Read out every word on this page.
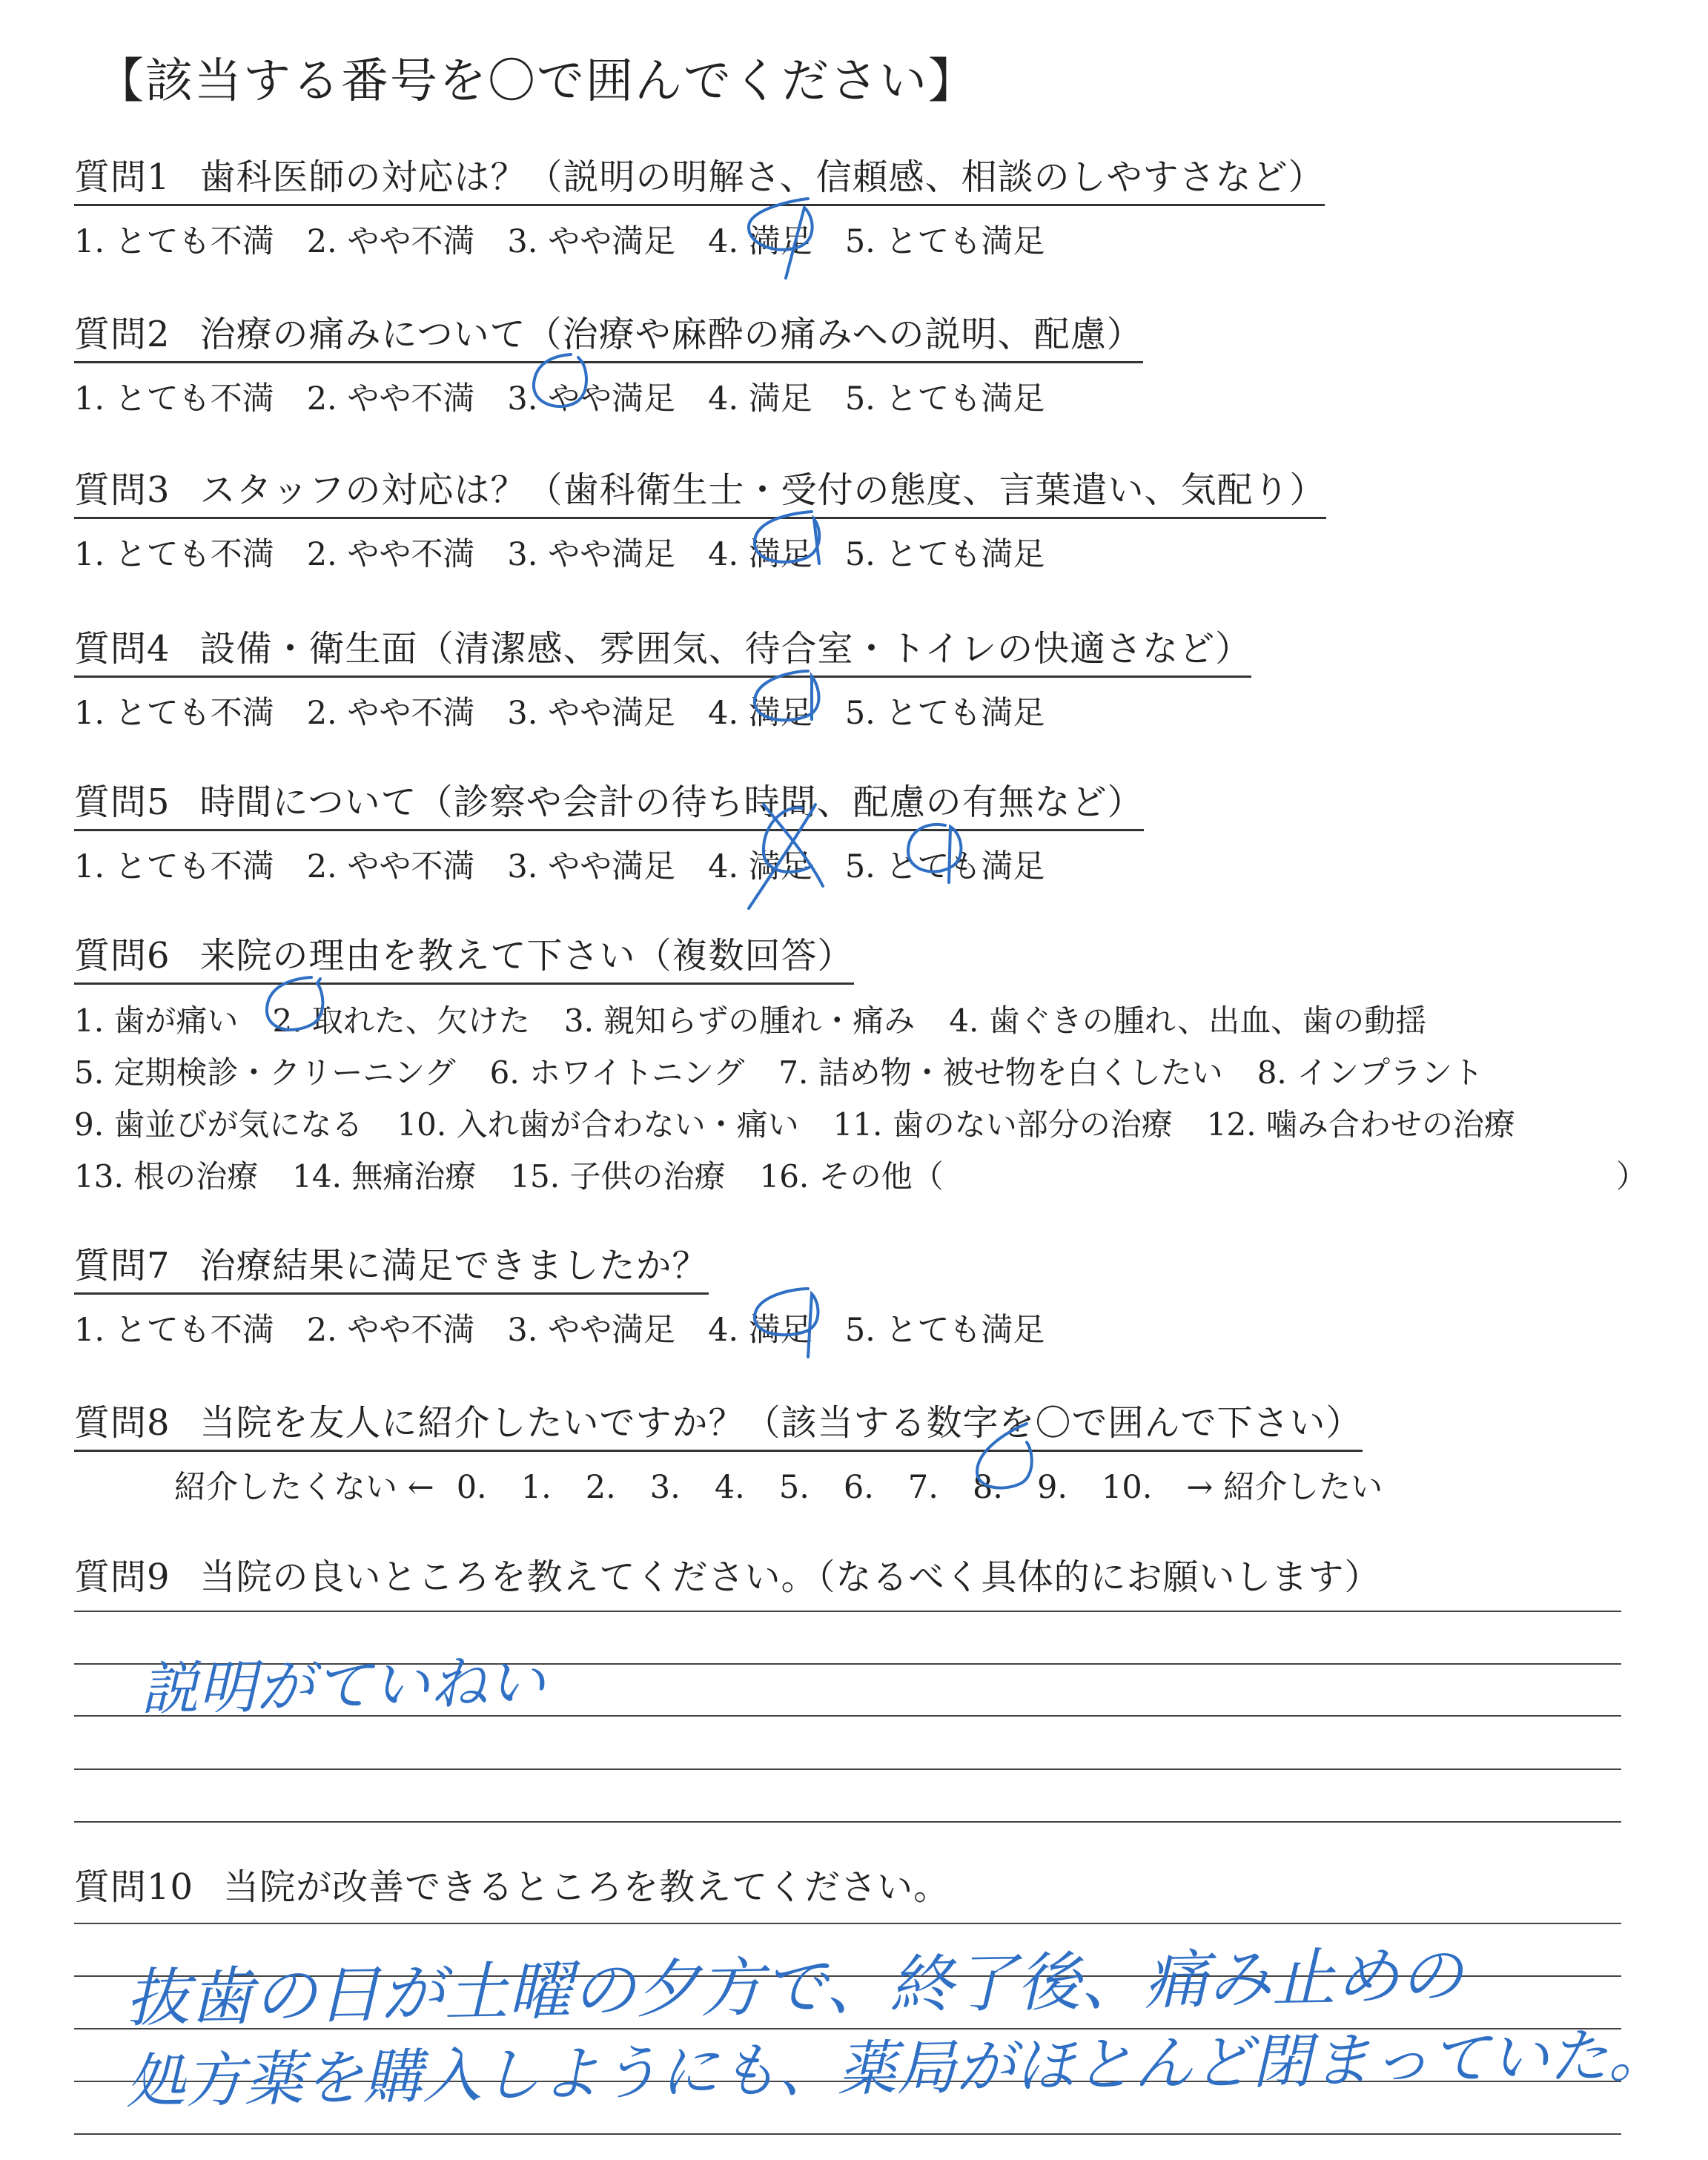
【該当する番号を〇で囲んでください】
質問1 歯科医師の対応は？（説明の明解さ、信頼感、相談のしやすさなど）
1. とても不満 2. やや不満 3. やや満足 4. 満足 5. とても満足
質問2 治療の痛みについて（治療や麻酔の痛みへの説明、配慮）
1. とても不満 2. やや不満 3. やや満足 4. 満足 5. とても満足
質問3 スタッフの対応は？（歯科衛生士・受付の態度、言葉遣い、気配り）
1. とても不満 2. やや不満 3. やや満足 4. 満足 5. とても満足
質問4 設備・衛生面（清潔感、雰囲気、待合室・トイレの快適さなど）
1. とても不満 2. やや不満 3. やや満足 4. 満足 5. とても満足
質問5 時間について（診察や会計の待ち時間、配慮の有無など）
1. とても不満 2. やや不満 3. やや満足 4. 満足 5. とても満足
質問6 来院の理由を教えて下さい（複数回答）
1. 歯が痛い 2. 取れた、欠けた 3. 親知らずの腫れ・痛み 4. 歯ぐきの腫れ、出血、歯の動揺
5. 定期検診・クリーニング 6. ホワイトニング 7. 詰め物・被せ物を白くしたい 8. インプラント
9. 歯並びが気になる 10. 入れ歯が合わない・痛い 11. 歯のない部分の治療 12. 噛み合わせの治療
13. 根の治療 14. 無痛治療 15. 子供の治療 16. その他（	）
質問7 治療結果に満足できましたか？
1. とても不満 2. やや不満 3. やや満足 4. 満足 5. とても満足
質問8 当院を友人に紹介したいですか？（該当する数字を〇で囲んで下さい）
紹介したくない ← 0. 1. 2. 3. 4. 5. 6. 7. 8. 9. 10. → 紹介したい
質問9 当院の良いところを教えてください。（なるべく具体的にお願いします）
質問10 当院が改善できるところを教えてください。
説明がていねい
抜歯の日が土曜の夕方で、終了後、痛み止めの
処方薬を購入しようにも、薬局がほとんど閉まっていた。
